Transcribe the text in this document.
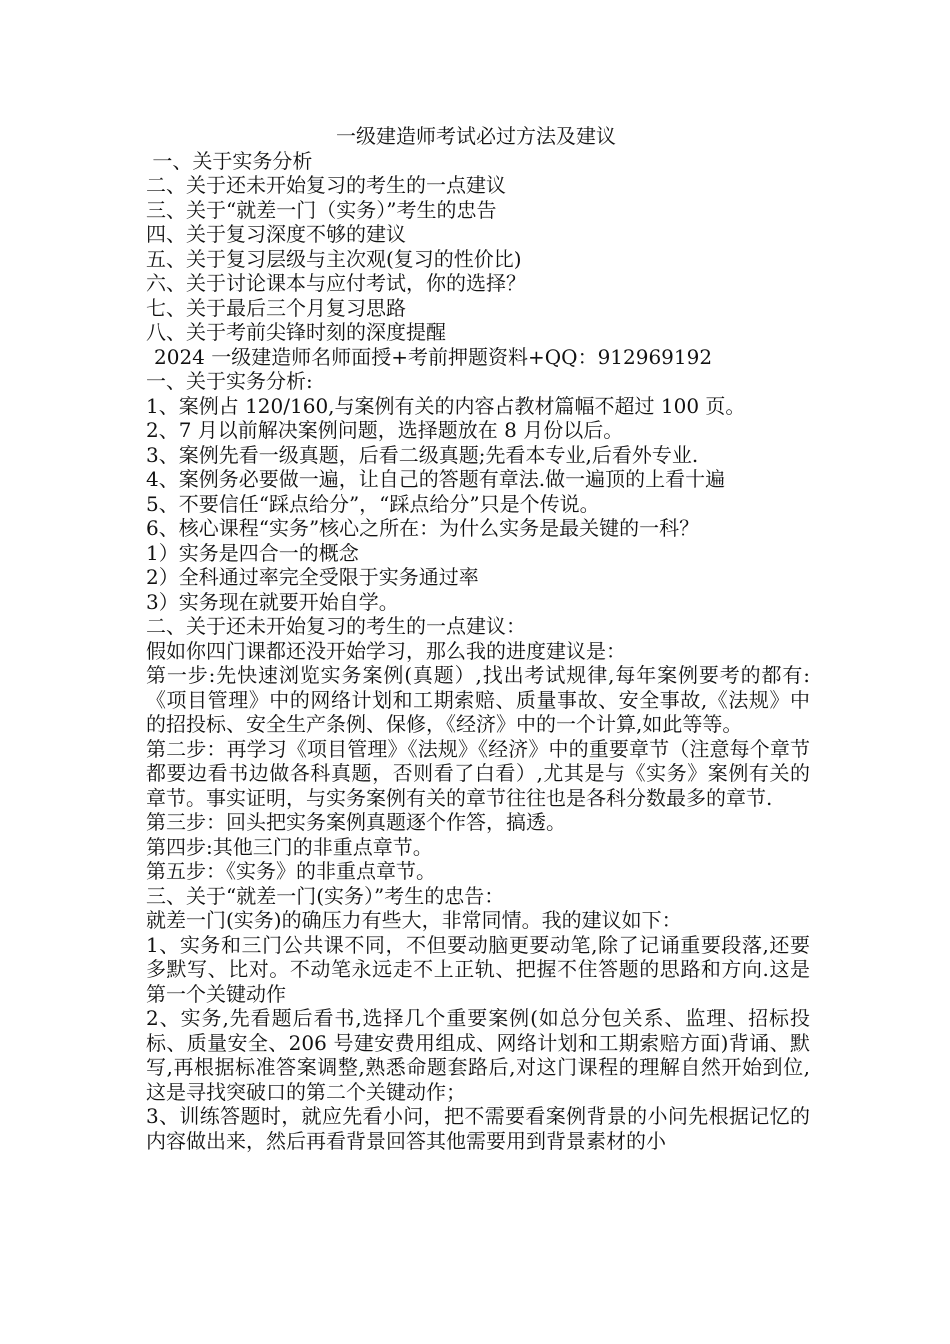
一级建造师考试必过方法及建议
一、关于实务分析
二、关于还未开始复习的考生的一点建议
三、关于“就差一门（实务）”考生的忠告
四、关于复习深度不够的建议
五、关于复习层级与主次观(复习的性价比)
六、关于讨论课本与应付考试，你的选择？
七、关于最后三个月复习思路
八、关于考前尖锋时刻的深度提醒
2024 一级建造师名师面授+考前押题资料+QQ：912969192
一、关于实务分析:
1、案例占 120/160,与案例有关的内容占教材篇幅不超过 100 页。
2、7 月以前解决案例问题，选择题放在 8 月份以后。
3、案例先看一级真题，后看二级真题;先看本专业,后看外专业.
4、案例务必要做一遍，让自己的答题有章法.做一遍顶的上看十遍
5、不要信任“踩点给分”，“踩点给分”只是个传说。
6、核心课程“实务”核心之所在：为什么实务是最关键的一科？
1）实务是四合一的概念
2）全科通过率完全受限于实务通过率
3）实务现在就要开始自学。
二、关于还未开始复习的考生的一点建议：
假如你四门课都还没开始学习，那么我的进度建议是：
第一步:先快速浏览实务案例(真题）,找出考试规律,每年案例要考的都有:《项目管理》中的网络计划和工期索赔、质量事故、安全事故,《法规》中的招投标、安全生产条例、保修，《经济》中的一个计算,如此等等。
第二步：再学习《项目管理》《法规》《经济》中的重要章节（注意每个章节都要边看书边做各科真题，否则看了白看）,尤其是与《实务》案例有关的章节。事实证明，与实务案例有关的章节往往也是各科分数最多的章节.
第三步：回头把实务案例真题逐个作答，搞透。
第四步:其他三门的非重点章节。
第五步：《实务》的非重点章节。
三、关于“就差一门(实务）”考生的忠告：
就差一门(实务)的确压力有些大，非常同情。我的建议如下：
1、实务和三门公共课不同，不但要动脑更要动笔,除了记诵重要段落,还要多默写、比对。不动笔永远走不上正轨、把握不住答题的思路和方向.这是第一个关键动作
2、实务,先看题后看书,选择几个重要案例(如总分包关系、监理、招标投标、质量安全、206 号建安费用组成、网络计划和工期索赔方面)背诵、默写,再根据标准答案调整,熟悉命题套路后,对这门课程的理解自然开始到位,这是寻找突破口的第二个关键动作；
3、训练答题时，就应先看小问，把不需要看案例背景的小问先根据记忆的内容做出来，然后再看背景回答其他需要用到背景素材的小
